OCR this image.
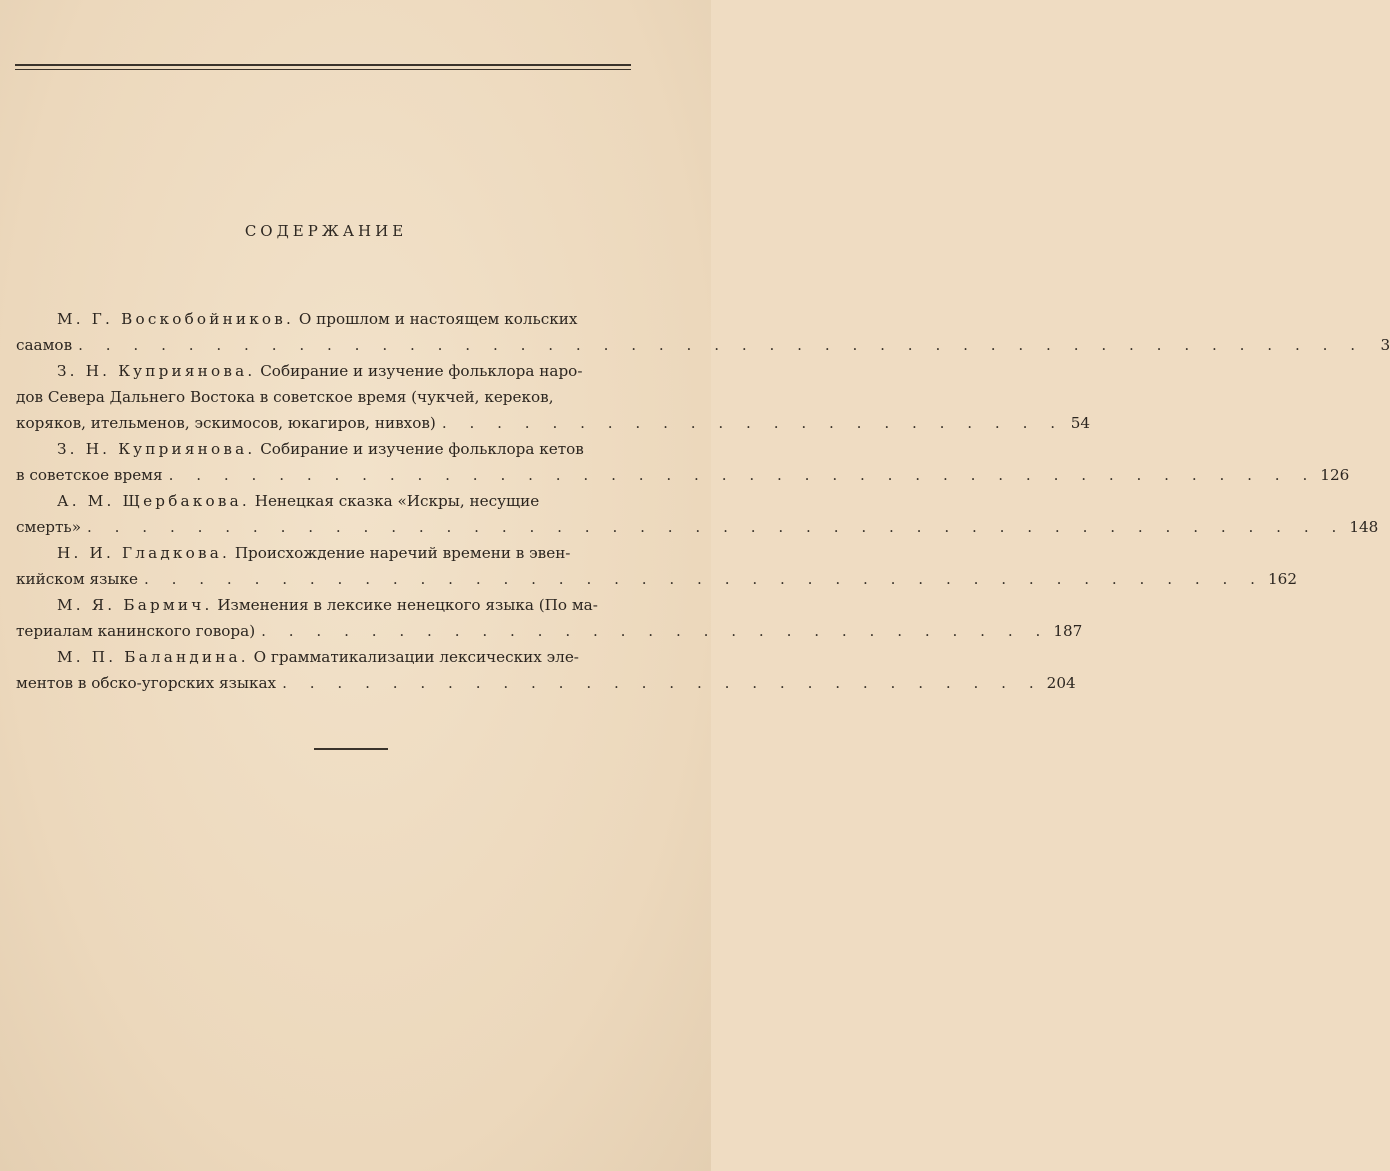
СОДЕРЖАНИЕ
М. Г. Воскобойников. О прошлом и настоящем кольских
саамов . . . . . . . . . . . . . . . . . . . . . . . . . . . . . . . . . . . . . . . . . . . . . . .	3
З. Н. Куприянова. Собирание и изучение фольклора наро-
дов Севера Дальнего Востока в советское время (чукчей, кереков,
коряков, ительменов, эскимосов, юкагиров, нивхов) . . . . . . . . . . . . . . . . . . . . . . . 54
З. Н. Куприянова. Собирание и изучение фольклора кетов
в советское время . . . . . . . . . . . . . . . . . . . . . . . . . . . . . . . . . . . . . . . . . . 126
А. М. Щербакова. Ненецкая сказка «Искры, несущие
смерть» . . . . . . . . . . . . . . . . . . . . . . . . . . . . . . . . . . . . . . . . . . . . . . 148
Н. И. Гладкова. Происхождение наречий времени в эвен-
кийском языке . . . . . . . . . . . . . . . . . . . . . . . . . . . . . . . . . . . . . . . . . 162
М. Я. Бармич. Изменения в лексике ненецкого языка (По ма-
териалам канинского говора) . . . . . . . . . . . . . . . . . . . . . . . . . . . . . 187
М. П. Баландина. О грамматикализации лексических эле-
ментов в обско-угорских языках . . . . . . . . . . . . . . . . . . . . . . . . . . . . 204
